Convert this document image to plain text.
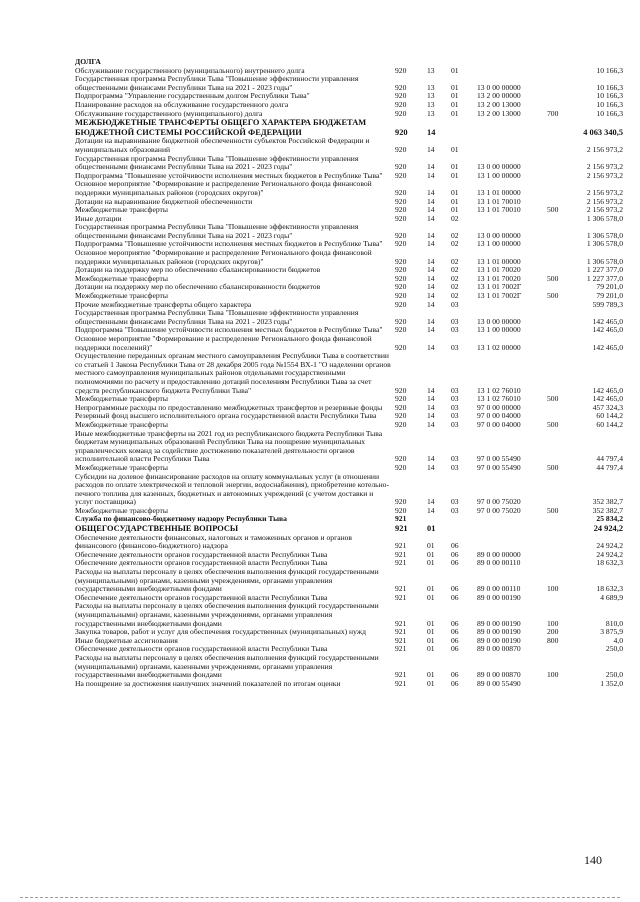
ДОЛГА
Обслуживание государственного (муниципального) внутреннего долга	920	13 01	10 166,3
Государственная программа Республики Тыва "Повышение эффективности управления общественными финансами Республики Тыва на 2021 - 2023 годы"	920	13 01 13 0 00 00000	10 166,3
Подпрограмма "Управление государственным долгом Республики Тыва"	920	13 01 13 2 00 00000	10 166,3
Планирование расходов на обслуживание государственного долга	920	13 01 13 2 00 13000	10 166,3
Обслуживание государственного (муниципального) долга	920	13 01 13 2 00 13000	700	10 166,3
МЕЖБЮДЖЕТНЫЕ ТРАНСФЕРТЫ ОБЩЕГО ХАРАКТЕРА БЮДЖЕТАМ БЮДЖЕТНОЙ СИСТЕМЫ РОССИЙСКОЙ ФЕДЕРАЦИИ	920 14	4 063 340,5
Дотации на выравнивание бюджетной обеспеченности субъектов Российской Федерации и муниципальных образований	920	14 01	2 156 973,2
Государственная программа Республики Тыва "Повышение эффективности управления общественными финансами Республики Тыва на 2021 - 2023 годы"	920	14 01 13 0 00 00000	2 156 973,2
Подпрограмма "Повышение устойчивости исполнения местных бюджетов в Республике Тыва"	920	14 01 13 1 00 00000	2 156 973,2
Основное мероприятие "Формирование и распределение Регионального фонда финансовой поддержки муниципальных районов (городских округов)"	920	14 01 13 1 01 00000	2 156 973,2
Дотации на выравнивание бюджетной обеспеченности	920	14 01 13 1 01 70010	2 156 973,2
Межбюджетные трансферты	920	14 01 13 1 01 70010	500	2 156 973,2
Иные дотации	920	14 02	1 306 578,0
Государственная программа Республики Тыва "Повышение эффективности управления общественными финансами Республики Тыва на 2021 - 2023 годы"	920	14 02 13 0 00 00000	1 306 578,0
Подпрограмма "Повышение устойчивости исполнения местных бюджетов в Республике Тыва"	920	14 02 13 1 00 00000	1 306 578,0
Основное мероприятие "Формирование и распределение Регионального фонда финансовой поддержки муниципальных районов (городских округов)"	920	14 02 13 1 01 00000	1 306 578,0
Дотации на поддержку мер по обеспечению сбалансированности бюджетов	920	14 02 13 1 01 70020	1 227 377,0
Межбюджетные трансферты	920	14 02 13 1 01 70020	500	1 227 377,0
Дотации на поддержку мер по обеспечению сбалансированности бюджетов	920	14 02 13 1 01 7002Г	79 201,0
Межбюджетные трансферты	920	14 02 13 1 01 7002Г	500	79 201,0
Прочие межбюджетные трансферты общего характера	920	14 03	599 789,3
Государственная программа Республики Тыва "Повышение эффективности управления общественными финансами Республики Тыва на 2021 - 2023 годы"	920	14 03 13 0 00 00000	142 465,0
Подпрограмма "Повышение устойчивости исполнения местных бюджетов в Республике Тыва"	920	14 03 13 1 00 00000	142 465,0
Основное мероприятие "Формирование и распределение Регионального фонда финансовой поддержки поселений)"	920	14 03 13 1 02 00000	142 465,0
Осуществление переданных органам местного самоуправления Республики Тыва в соответствии со статьей 1 Закона Республики Тыва от 28 декабря 2005 года №1554 ВХ-1 "О наделении органов местного самоуправления муниципальных районов отдельными государственными полномочиями по расчету и предоставлению дотаций поселениям Республики Тыва за счет средств республиканского бюджета Республики Тыва"	920	14 03 13 1 02 76010	142 465,0
Межбюджетные трансферты	920	14 03 13 1 02 76010	500	142 465,0
Непрограммные расходы по предоставлению межбюджетных трансфертов и резервные фонды	920	14 03 97 0 00 00000	457 324,3
Резервный фонд высшего исполнительного органа государственной власти Республики Тыва	920	14 03 97 0 00 04000	60 144,2
Межбюджетные трансферты	920	14 03 97 0 00 04000	500	60 144,2
Иные межбюджетные трансферты на 2021 год из республиканского бюджета Республики Тыва бюджетам муниципальных образований Республики Тыва на поощрение муниципальных управленческих команд за содействие достижению показателей деятельности органов исполнительной власти Республики Тыва	920	14 03 97 0 00 55490	44 797,4
Межбюджетные трансферты	920	14 03 97 0 00 55490	500	44 797,4
Субсидии на долевое финансирование расходов на оплату коммунальных услуг (в отношении расходов по оплате электрической и тепловой энергии, водоснабжения), приобретение котельно-печного топлива для казенных, бюджетных и автономных учреждений (с учетом доставки и услуг поставщика)	920	14 03 97 0 00 75020	352 382,7
Межбюджетные трансферты	920	14 03 97 0 00 75020	500	352 382,7
Служба по финансово-бюджетному надзору Республики Тыва	921	25 834,2
ОБЩЕГОСУДАРСТВЕННЫЕ ВОПРОСЫ	921 01	24 924,2
Обеспечение деятельности финансовых, налоговых и таможенных органов и органов финансового (финансово-бюджетного) надзора	921	01 06	24 924,2
Обеспечение деятельности органов государственной власти Республики Тыва	921	01 06 89 0 00 00000	24 924,2
Обеспечение деятельности органов государственной власти Республики Тыва	921	01 06 89 0 00 00110	18 632,3
Расходы на выплаты персоналу в целях обеспечения выполнения функций государственными (муниципальными) органами, казенными учреждениями, органами управления государственными внебюджетными фондами	921	01 06 89 0 00 00110	100	18 632,3
Обеспечение деятельности органов государственной власти Республики Тыва	921	01 06 89 0 00 00190	4 689,9
Расходы на выплаты персоналу в целях обеспечения выполнения функций государственными (муниципальными) органами, казенными учреждениями, органами управления государственными внебюджетными фондами	921	01 06 89 0 00 00190	100	810,0
Закупка товаров, работ и услуг для обеспечения государственных (муниципальных) нужд	921	01 06 89 0 00 00190	200	3 875,9
Иные бюджетные ассигнования	921	01 06 89 0 00 00190	800	4,0
Обеспечение деятельности органов государственной власти Республики Тыва	921	01 06 89 0 00 00870	250,0
Расходы на выплаты персоналу в целях обеспечения выполнения функций государственными (муниципальными) органами, казенными учреждениями, органами управления государственными внебюджетными фондами	921	01 06 89 0 00 00870	100	250,0
На поощрение за достижения наилучших значений показателей по итогам оценки	921	01 06 89 0 00 55490	1 352,0
140
